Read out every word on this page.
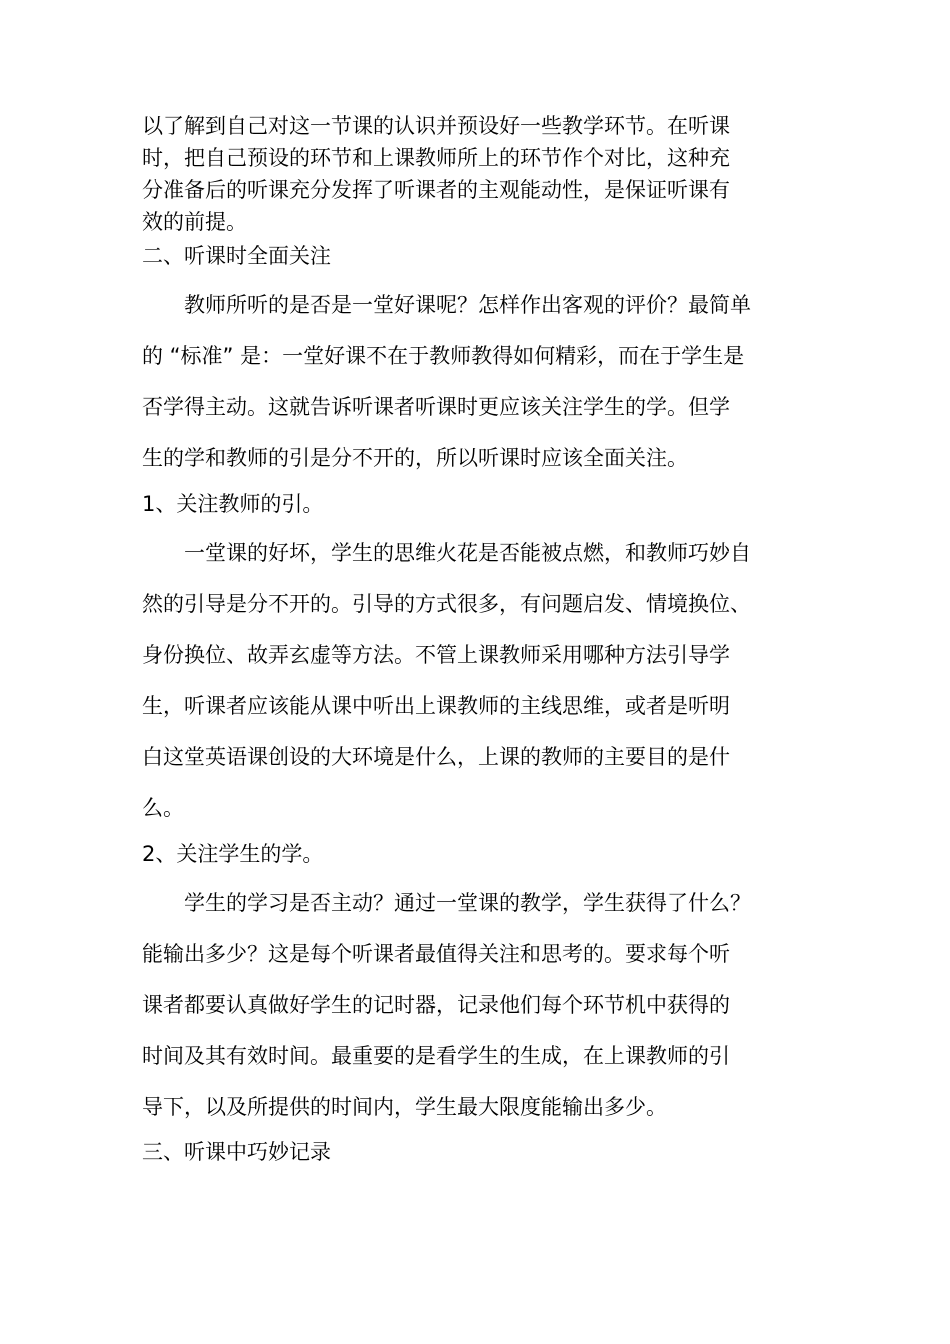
以了解到自己对这一节课的认识并预设好一些教学环节。在听课

时，把自己预设的环节和上课教师所上的环节作个对比，这种充

分准备后的听课充分发挥了听课者的主观能动性，是保证听课有

效的前提。

二、听课时全面关注

教师所听的是否是一堂好课呢？怎样作出客观的评价？最简单

的 “标准” 是：一堂好课不在于教师教得如何精彩，而在于学生是

否学得主动。这就告诉听课者听课时更应该关注学生的学。但学

生的学和教师的引是分不开的，所以听课时应该全面关注。

1、关注教师的引。

一堂课的好坏，学生的思维火花是否能被点燃，和教师巧妙自

然的引导是分不开的。引导的方式很多，有问题启发、情境换位、

身份换位、故弄玄虚等方法。不管上课教师采用哪种方法引导学

生，听课者应该能从课中听出上课教师的主线思维，或者是听明

白这堂英语课创设的大环境是什么，上课的教师的主要目的是什

么。

2、关注学生的学。

学生的学习是否主动？通过一堂课的教学，学生获得了什么？

能输出多少？这是每个听课者最值得关注和思考的。要求每个听

课者都要认真做好学生的记时器，记录他们每个环节机中获得的

时间及其有效时间。最重要的是看学生的生成，在上课教师的引

导下，以及所提供的时间内，学生最大限度能输出多少。

三、听课中巧妙记录
